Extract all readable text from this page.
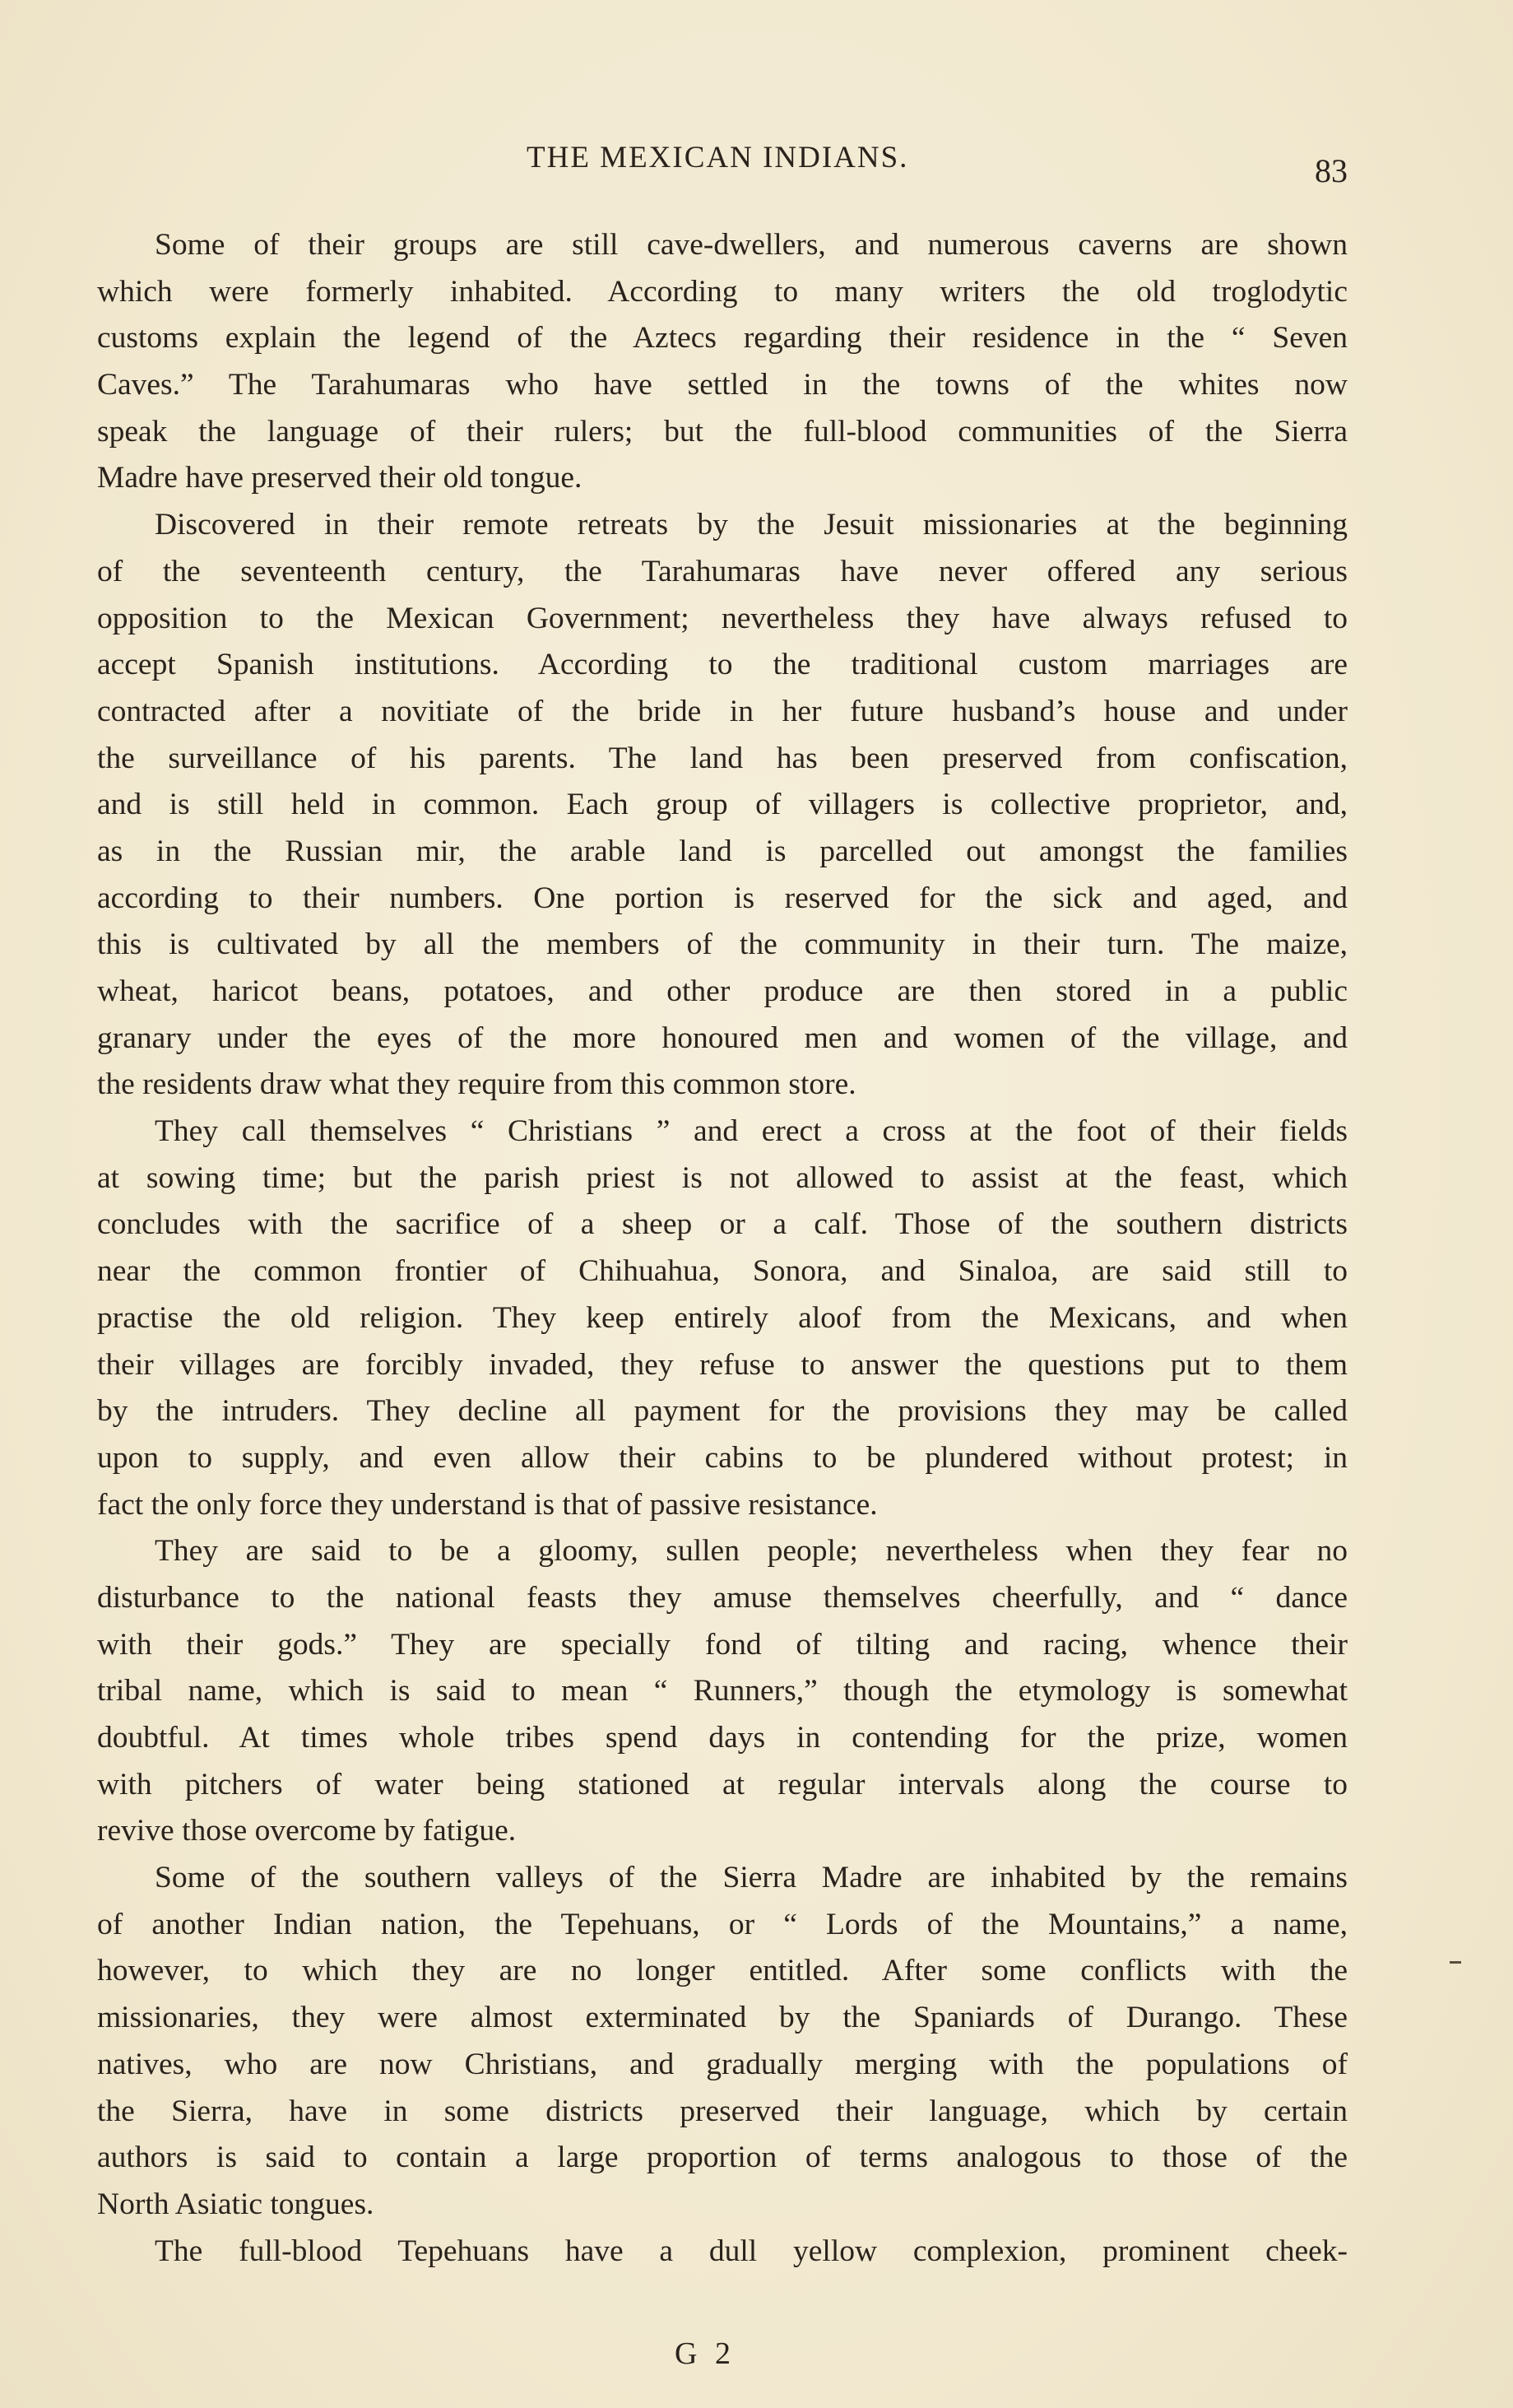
THE MEXICAN INDIANS.	83
Some of their groups are still cave-dwellers, and numerous caverns are shown
which were formerly inhabited. According to many writers the old troglodytic
customs explain the legend of the Aztecs regarding their residence in the “ Seven
Caves.” The Tarahumaras who have settled in the towns of the whites now
speak the language of their rulers; but the full-blood communities of the Sierra
Madre have preserved their old tongue.
Discovered in their remote retreats by the Jesuit missionaries at the beginning
of the seventeenth century, the Tarahumaras have never offered any serious
opposition to the Mexican Government; nevertheless they have always refused to
accept Spanish institutions. According to the traditional custom marriages are
contracted after a novitiate of the bride in her future husband’s house and under
the surveillance of his parents. The land has been preserved from confiscation,
and is still held in common. Each group of villagers is collective proprietor, and,
as in the Russian mir, the arable land is parcelled out amongst the families
according to their numbers. One portion is reserved for the sick and aged, and
this is cultivated by all the members of the community in their turn. The maize,
wheat, haricot beans, potatoes, and other produce are then stored in a public
granary under the eyes of the more honoured men and women of the village, and
the residents draw what they require from this common store.
They call themselves “ Christians ” and erect a cross at the foot of their fields
at sowing time; but the parish priest is not allowed to assist at the feast, which
concludes with the sacrifice of a sheep or a calf. Those of the southern districts
near the common frontier of Chihuahua, Sonora, and Sinaloa, are said still to
practise the old religion. They keep entirely aloof from the Mexicans, and when
their villages are forcibly invaded, they refuse to answer the questions put to them
by the intruders. They decline all payment for the provisions they may be called
upon to supply, and even allow their cabins to be plundered without protest; in
fact the only force they understand is that of passive resistance.
They are said to be a gloomy, sullen people; nevertheless when they fear no
disturbance to the national feasts they amuse themselves cheerfully, and “ dance
with their gods.” They are specially fond of tilting and racing, whence their
tribal name, which is said to mean “ Runners,” though the etymology is somewhat
doubtful. At times whole tribes spend days in contending for the prize, women
with pitchers of water being stationed at regular intervals along the course to
revive those overcome by fatigue.
Some of the southern valleys of the Sierra Madre are inhabited by the remains
of another Indian nation, the Tepehuans, or “ Lords of the Mountains,” a name,
however, to which they are no longer entitled. After some conflicts with the
missionaries, they were almost exterminated by the Spaniards of Durango. These
natives, who are now Christians, and gradually merging with the populations of
the Sierra, have in some districts preserved their language, which by certain
authors is said to contain a large proportion of terms analogous to those of the
North Asiatic tongues.
The full-blood Tepehuans have a dull yellow complexion, prominent cheek-
G 2
